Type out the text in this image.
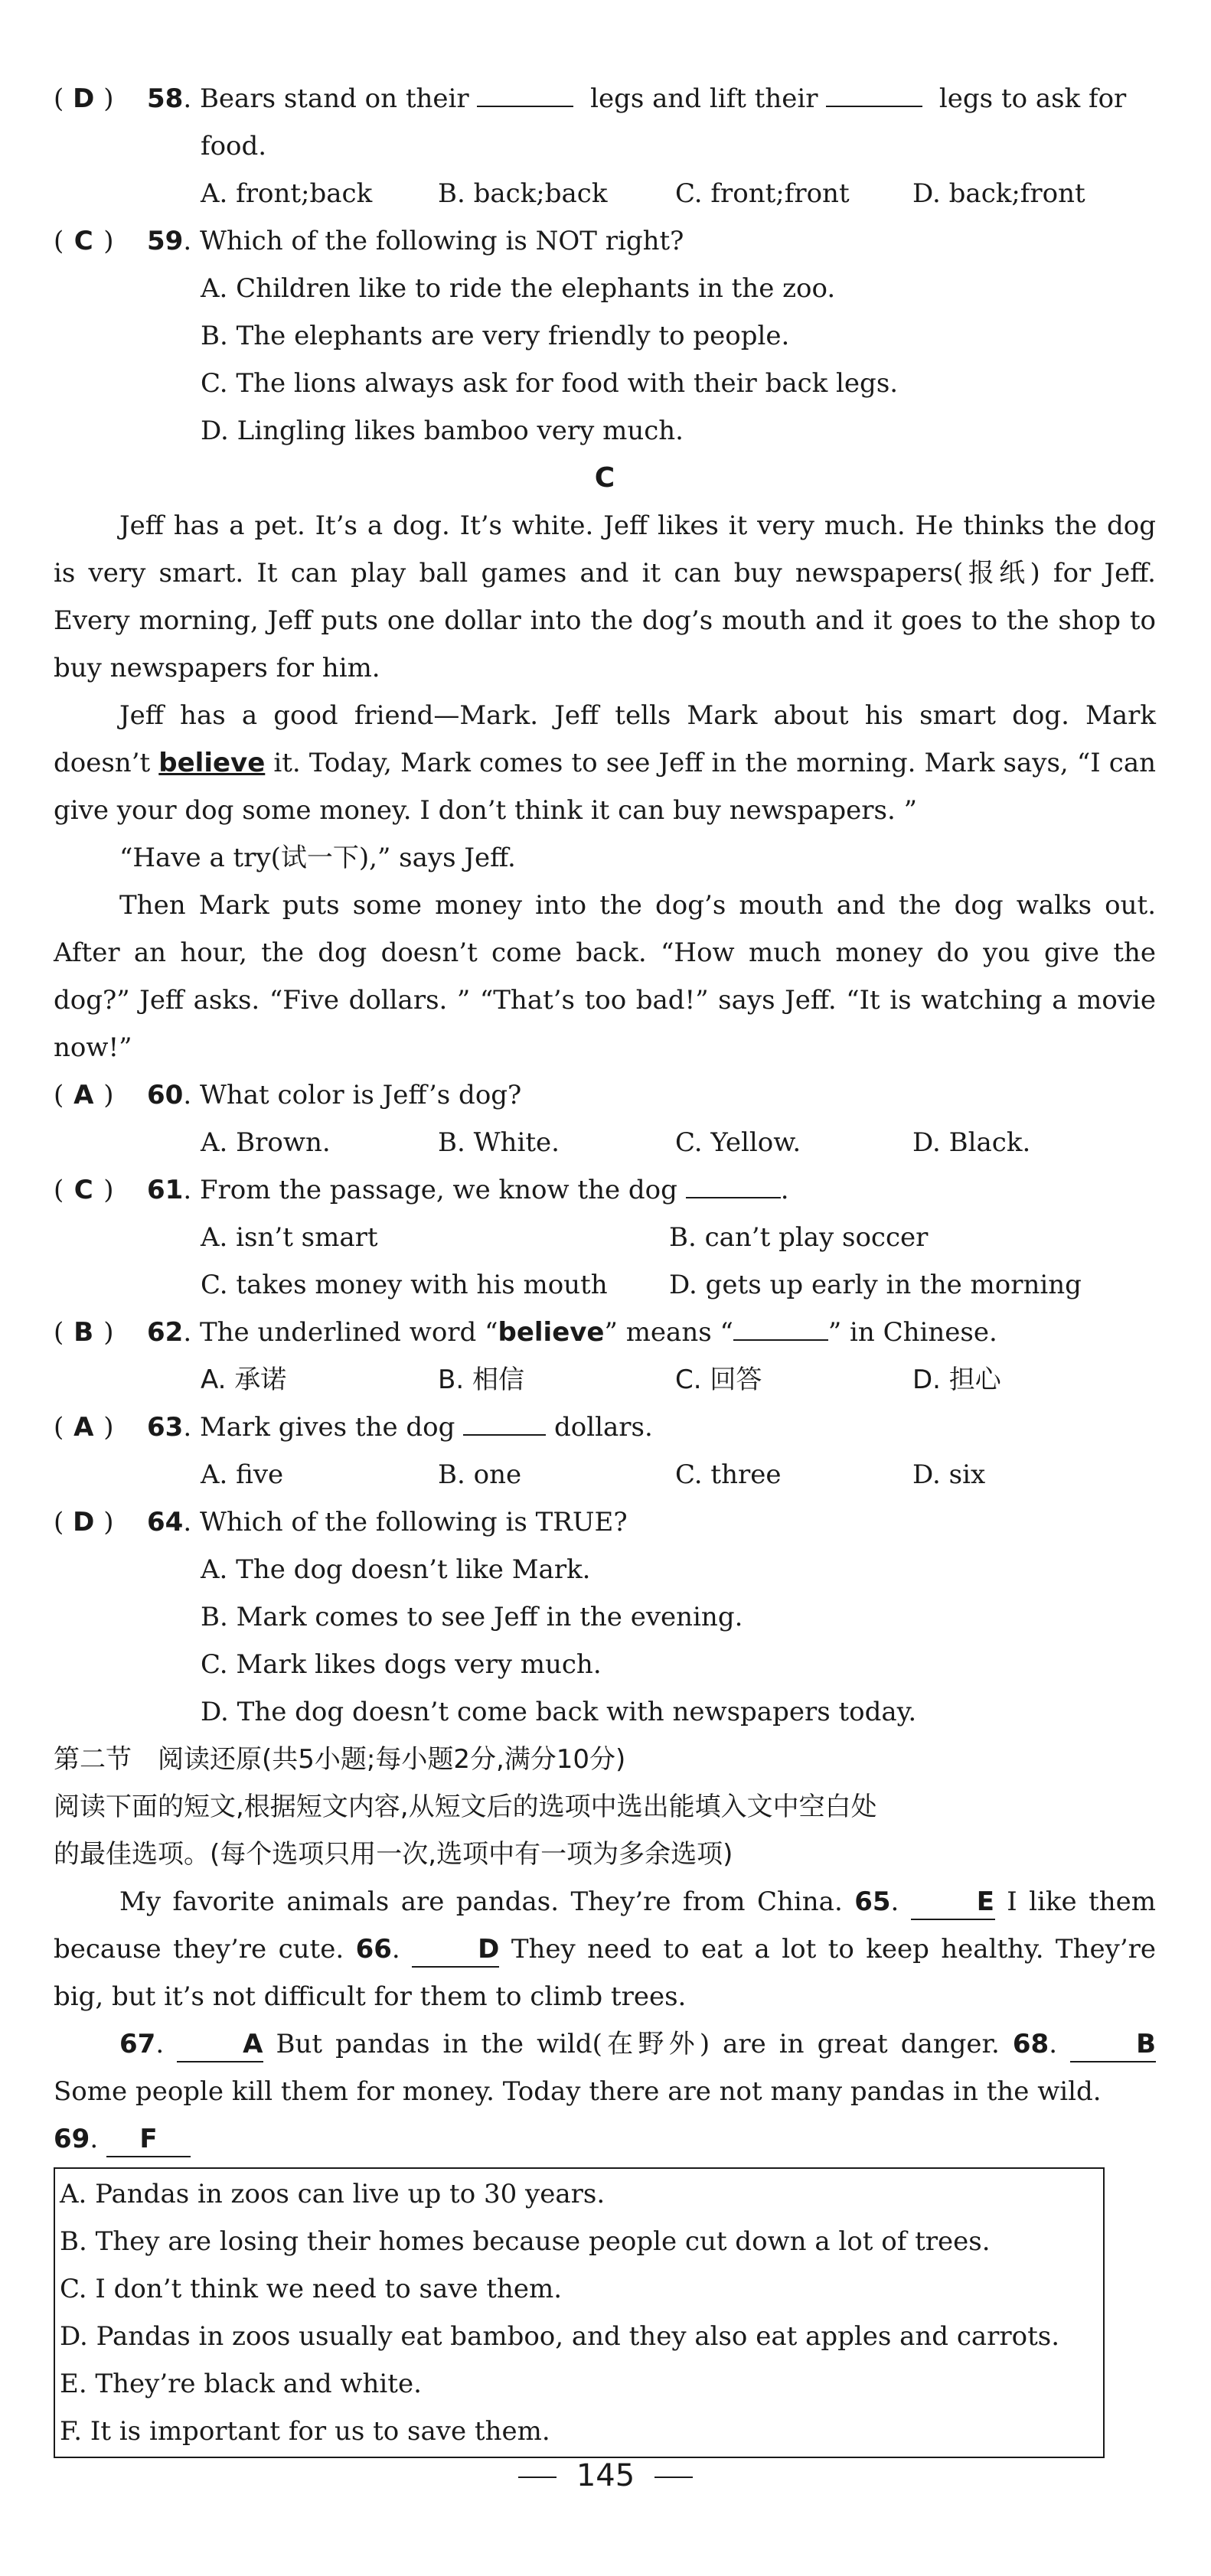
( D )	58 . Bears stand on their

	legs and lift their

	legs to ask for
food.
A. front;back	B. back;back	C. front;front	D. back;front
( C )	59 . Which of the following is NOT right?
A. Children like to ride the elephants in the zoo.
B. The elephants are very friendly to people.
C. The lions always ask for food with their back legs.
D. Lingling likes bamboo very much.
C
Jeff has a pet. It’s a dog. It’s white. Jeff likes it very much. He thinks the dog is very smart. It can play ball games and it can buy newspapers(报纸) for Jeff. Every morning, Jeff puts one dollar into the dog’s mouth and it goes to the shop to buy newspapers for him.
Jeff has a good friend—Mark. Jeff tells Mark about his smart dog. Mark doesn’t believe it. Today, Mark comes to see Jeff in the morning. Mark says, “I can give your dog some money. I don’t think it can buy newspapers. ”
“Have a try(试一下),” says Jeff.
Then Mark puts some money into the dog’s mouth and the dog walks out. After an hour, the dog doesn’t come back. “How much money do you give the dog?” Jeff asks. “Five dollars. ” “That’s too bad!” says Jeff. “It is watching a movie now!”
( A )	60 . What color is Jeff’s dog?
A. Brown.	B. White.	C. Yellow.	D. Black.
( C )	61 . From the passage, we know the dog
	.
A. isn’t smart	B. can’t play soccer
C. takes money with his mouth	D. gets up early in the morning
( B )	62 . The underlined word “ believe ” means “	” in Chinese.
A. 承诺	B. 相信	C. 回答	D. 担心
( A )	63 . Mark gives the dog

	dollars.
A. five	B. one	C. three	D. six
( D )	64 . Which of the following is TRUE?
A. The dog doesn’t like Mark.
B. Mark comes to see Jeff in the evening.
C. Mark likes dogs very much.
D. The dog doesn’t come back with newspapers today.
第二节　阅读还原(共5小题;每小题2分,满分10分)
阅读下面的短文,根据短文内容,从短文后的选项中选出能填入文中空白处
的最佳选项。(每个选项只用一次,选项中有一项为多余选项)
My favorite animals are pandas. They’re from China. 65.	E I like them because they’re cute. 66.	D They need to eat a lot to keep healthy. They’re big, but it’s not difficult for them to climb trees.
67.	A But pandas in the wild(在野外) are in great danger. 68.	B Some people kill them for money. Today there are not many pandas in the wild.
69. F
A. Pandas in zoos can live up to 30 years.
B. They are losing their homes because people cut down a lot of trees.
C. I don’t think we need to save them.
D. Pandas in zoos usually eat bamboo, and they also eat apples and carrots.
E. They’re black and white.
F. It is important for us to save them.
145
